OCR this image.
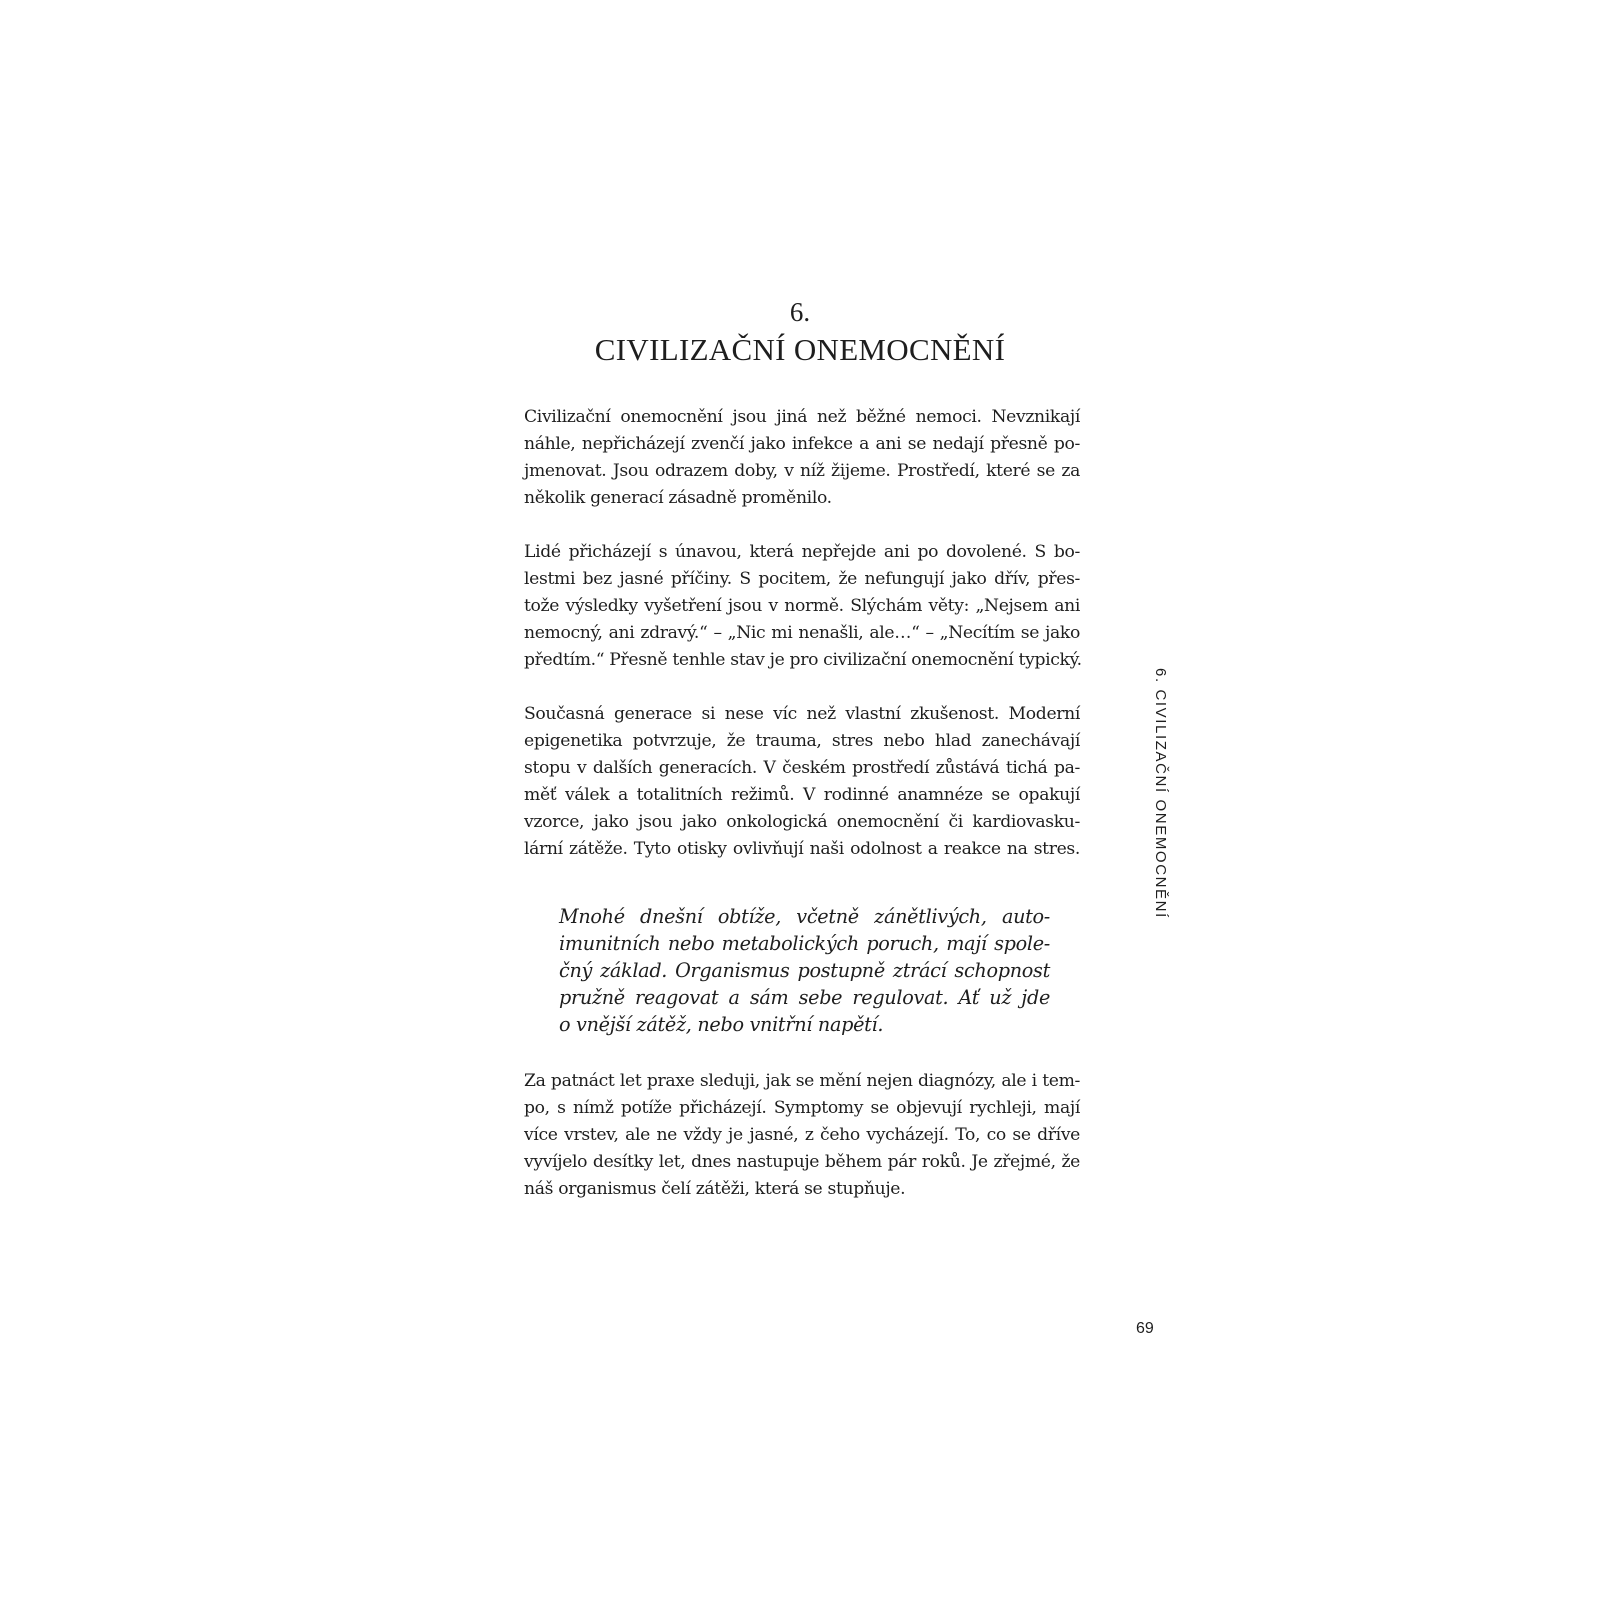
6.
CIVILIZAČNÍ ONEMOCNĚNÍ
Civilizační onemocnění jsou jiná než běžné nemoci. Nevznikají
náhle, nepřicházejí zvenčí jako infekce a ani se nedají přesně po-
jmenovat. Jsou odrazem doby, v níž žijeme. Prostředí, které se za
několik generací zásadně proměnilo.
Lidé přicházejí s únavou, která nepřejde ani po dovolené. S bo-
lestmi bez jasné příčiny. S pocitem, že nefungují jako dřív, přes-
tože výsledky vyšetření jsou v normě. Slýchám věty: „Nejsem ani
nemocný, ani zdravý.“ – „Nic mi nenašli, ale…“ – „Necítím se jako
předtím.“ Přesně tenhle stav je pro civilizační onemocnění typický.
Současná generace si nese víc než vlastní zkušenost. Moderní
epigenetika potvrzuje, že trauma, stres nebo hlad zanechávají
stopu v dalších generacích. V českém prostředí zůstává tichá pa-
měť válek a totalitních režimů. V rodinné anamnéze se opakují
vzorce, jako jsou jako onkologická onemocnění či kardiovasku-
lární zátěže. Tyto otisky ovlivňují naši odolnost a reakce na stres.
Mnohé dnešní obtíže, včetně zánětlivých, auto-
imunitních nebo metabolických poruch, mají spole-
čný základ. Organismus postupně ztrácí schopnost
pružně reagovat a sám sebe regulovat. Ať už jde
o vnější zátěž, nebo vnitřní napětí.
Za patnáct let praxe sleduji, jak se mění nejen diagnózy, ale i tem-
po, s nímž potíže přicházejí. Symptomy se objevují rychleji, mají
více vrstev, ale ne vždy je jasné, z čeho vycházejí. To, co se dříve
vyvíjelo desítky let, dnes nastupuje během pár roků. Je zřejmé, že
náš organismus čelí zátěži, která se stupňuje.
6. CIVILIZAČNÍ ONEMOCNĚNÍ
69
